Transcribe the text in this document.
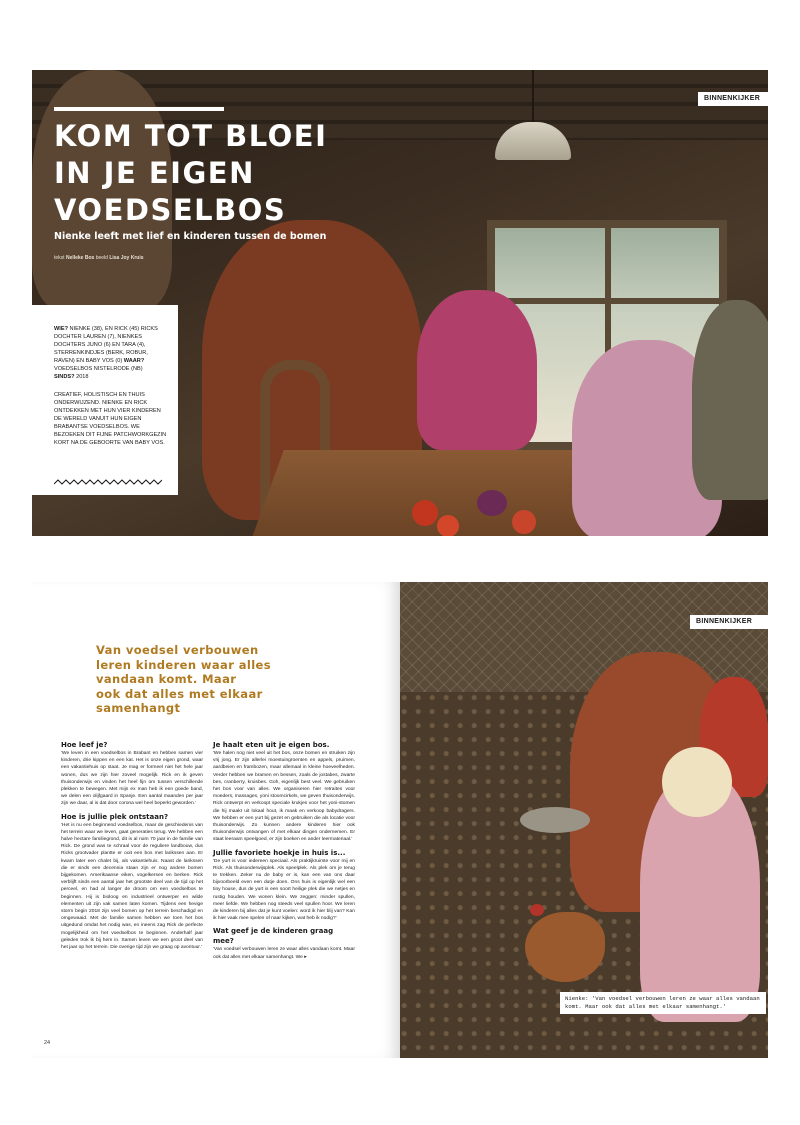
KOM TOT BLOEI
IN JE EIGEN
VOEDSELBOS
Nienke leeft met lief en kinderen tussen de bomen
tekst Nelleke Bos beeld Lisa Joy Kruis
BINNENKIJKER
WIE? NIENKE (38), EN RICK (45) RICKS DOCHTER LAUREN (7), NIENKES DOCHTERS JUNO (6) EN TARA (4), STERRENKINDJES (BERK, ROBUR, RAVEN) EN BABY VOS (0) WAAR? VOEDSELBOS NISTELRODE (NB)
SINDS? 2018
CREATIEF, HOLISTISCH EN THUIS ONDERWIJZEND. NIENKE EN RICK ONTDEKKEN MET HUN VIER KINDEREN DE WERELD VANUIT HUN EIGEN BRABANTSE VOEDSELBOS. WE BEZOEKEN DIT FIJNE PATCHWORKGEZIN KORT NA DE GEBOORTE VAN BABY VOS.
BINNENKIJKER
Van voedsel verbouwen
leren kinderen waar alles
vandaan komt. Maar
ook dat alles met elkaar
samenhangt
Hoe leef je?
'We leven in een voedselbos in Brabant en hebben samen vier kinderen, drie kippen en een kat. Het is onze eigen grond, waar een vakantiehuis op staat. Je mag er formeel niet het hele jaar wonen, dus we zijn hier zoveel mogelijk. Rick en ik geven thuisonderwijs en vinden het heel fijn om tussen verschillende plekken te bewegen. Met mijn ex man heb ik een goede band, we delen een olijfgaard in Spanje. Een aantal maanden per jaar zijn we daar, al is dat door corona wel heel beperkt geworden.'
Hoe is jullie plek ontstaan?
'Het is nu een beginnend voedselbos, maar de geschiedenis van het terrein waar we leven, gaat generaties terug. We hebben een halve hectare familiegrond, dit is al ruim 70 jaar in de familie van Rick. De grond was te schraal voor de reguliere landbouw, dus Ricks grootvader plantte er ooit een bos met larikssen aan. Er kwam later een chalet bij, als vakantiehuis. Naast de larikssen die er sinds een decennia staan zijn er nog andere bomen bijgekomen. Amerikaanse eiken, vogelkersen en berken. Rick verblijft sinds een aantal jaar het grootste deel van de tijd op het perceel, en had al langer de droom om een voedselbos te beginnen. Hij is bioloog en industrieel ontwerper en wilde elementen uit zijn vak samen laten komen. Tijdens een hevige storm begin 2018 zijn veel bomen op het terrein beschadigd en omgewaaid. Met de familie samen hebben we toen het bos uitgedund omdat het nodig was, en ineens zag Rick de perfecte mogelijkheid om het voedselbos te beginnen. Anderhalf jaar geleden trok ik bij hem in. Samen leven we een groot deel van het jaar op het terrein. Die overige tijd zijn we graag op avontuur.'
Je haalt eten uit je eigen bos.
'We halen nog niet veel uit het bos, onze bomen en struiken zijn vrij jong. Er zijn allerlei moestuingroenten en appels, pruimen, aardbeien en frambozen, maar allemaal in kleine hoeveelheden. Verder hebben we bramen en bessen, zoals de jostabes, zwarte bes, cranberry, kruisbes. Goh, eigenlijk best veel. We gebruiken het bos voor van alles. We organiseren hier retraites voor moeders, massages, yoni stoomcirkels, we geven thuisonderwijs. Rick ontwerpt en verkoopt speciale krukjes voor het yoni-stomen die hij maakt uit lokaal hout, ik maak en verkoop babydragers. We hebben er een yurt bij gezet en gebruiken die als locatie voor thuisonderwijs. Zo kunnen andere kinderen hier ook thuisonderwijs ontvangen of met elkaar dingen ondernemen. Er staat leeraam speelgoed, er zijn boeken en ander leermateriaal.'
Jullie favoriete hoekje in huis is...
'De yurt is voor iedereen speciaal. Als praktijkruimte voor mij en Rick. Als thuisonderwijsplek. Als speelplek. Als plek om je terug te trekken. Zeker nu de baby er is, kan een van ons daar bijvoorbeeld even een dutje doen. Ons huis is eigenlijk wel een tiny house, dus de yurt is een soort heilige plek die we netjes en rustig houden. We wonen klein. We zeggen: minder spullen, meer liefde. We hebben nog steeds veel spullen hoor. We leren de kinderen bij alles dat je kunt voelen: word ik hier blij van? Kan ik hier vaak mee spelen of naar kijken, wat heb ik nodig?'
Wat geef je de kinderen graag mee?
'Van voedsel verbouwen leren ze waar alles vandaan komt. Maar ook dat alles met elkaar samenhangt. We ▸
Nienke: 'Van voedsel verbouwen leren ze waar alles vandaan komt. Maar ook dat alles met elkaar samenhangt.'
24
